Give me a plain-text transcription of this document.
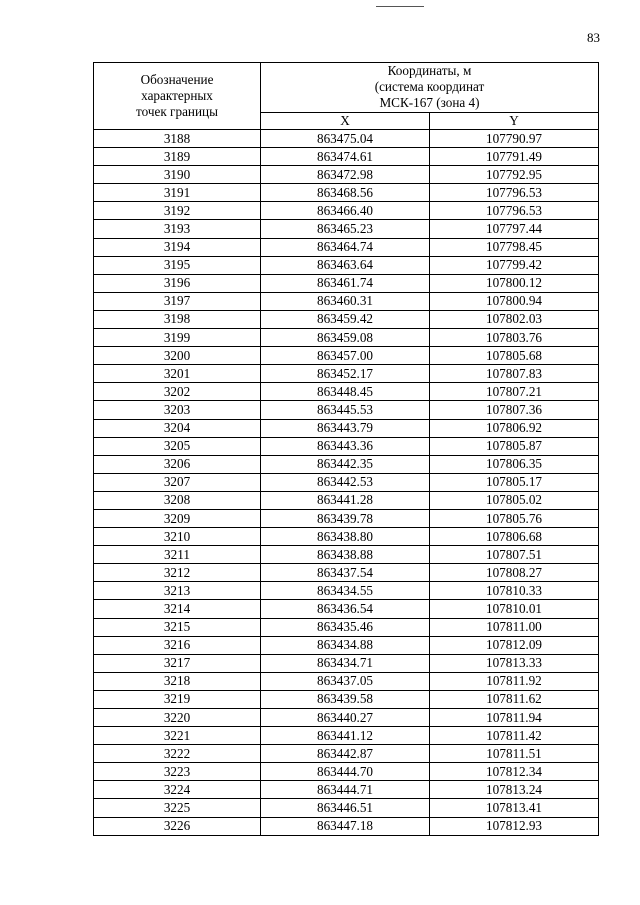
83
Обозначение
характерных
точек границы	Координаты, м
(система координат
МСК-167 (зона 4)	

	X	Y
3188	863475.04	107790.97
3189	863474.61	107791.49
3190	863472.98	107792.95
3191	863468.56	107796.53
3192	863466.40	107796.53
3193	863465.23	107797.44
3194	863464.74	107798.45
3195	863463.64	107799.42
3196	863461.74	107800.12
3197	863460.31	107800.94
3198	863459.42	107802.03
3199	863459.08	107803.76
3200	863457.00	107805.68
3201	863452.17	107807.83
3202	863448.45	107807.21
3203	863445.53	107807.36
3204	863443.79	107806.92
3205	863443.36	107805.87
3206	863442.35	107806.35
3207	863442.53	107805.17
3208	863441.28	107805.02
3209	863439.78	107805.76
3210	863438.80	107806.68
3211	863438.88	107807.51
3212	863437.54	107808.27
3213	863434.55	107810.33
3214	863436.54	107810.01
3215	863435.46	107811.00
3216	863434.88	107812.09
3217	863434.71	107813.33
3218	863437.05	107811.92
3219	863439.58	107811.62
3220	863440.27	107811.94
3221	863441.12	107811.42
3222	863442.87	107811.51
3223	863444.70	107812.34
3224	863444.71	107813.24
3225	863446.51	107813.41
3226	863447.18	107812.93
